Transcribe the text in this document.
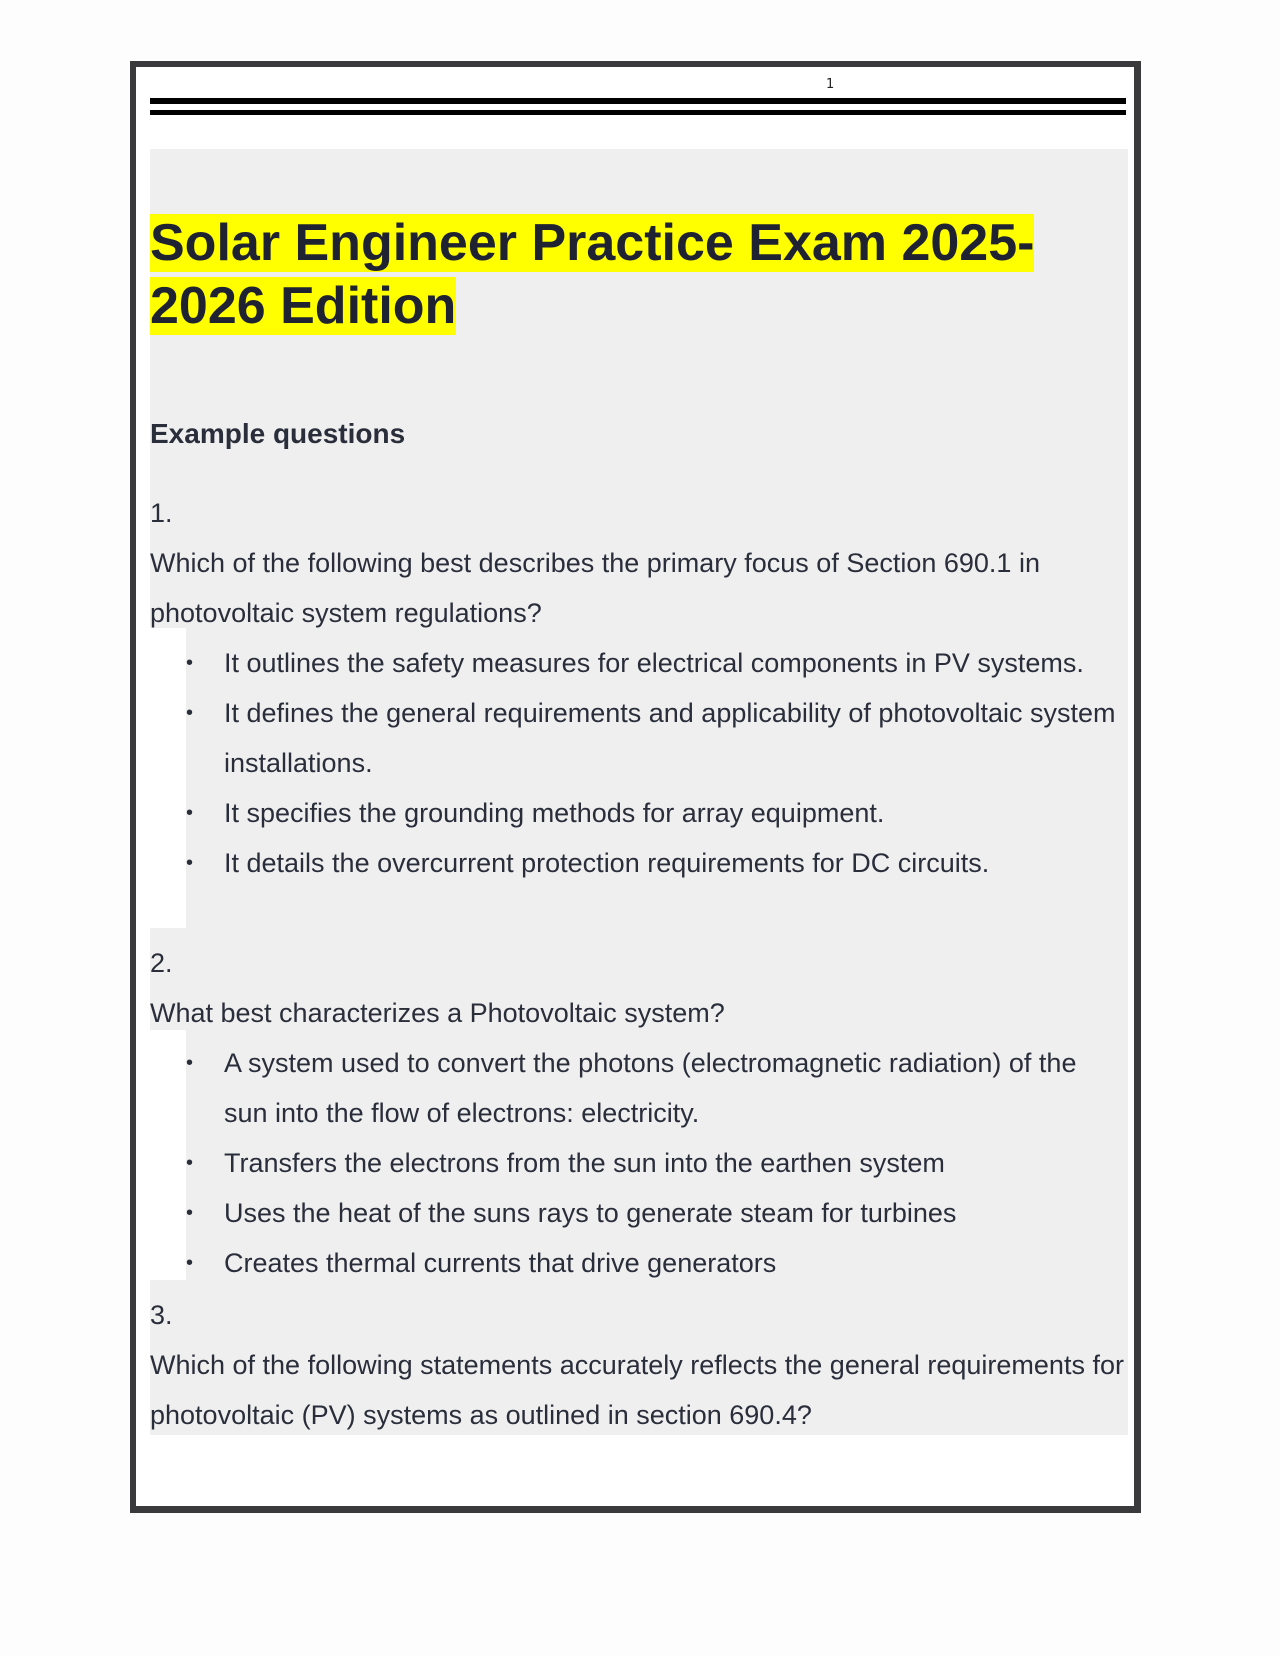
1
Solar Engineer Practice Exam 2025-2026 Edition
Example questions
1.
Which of the following best describes the primary focus of Section 690.1 in photovoltaic system regulations?
• It outlines the safety measures for electrical components in PV systems.
• It defines the general requirements and applicability of photovoltaic system installations.
• It specifies the grounding methods for array equipment.
• It details the overcurrent protection requirements for DC circuits.
2.
What best characterizes a Photovoltaic system?
• A system used to convert the photons (electromagnetic radiation) of the sun into the flow of electrons: electricity.
• Transfers the electrons from the sun into the earthen system
• Uses the heat of the suns rays to generate steam for turbines
• Creates thermal currents that drive generators
3.
Which of the following statements accurately reflects the general requirements for photovoltaic (PV) systems as outlined in section 690.4?
